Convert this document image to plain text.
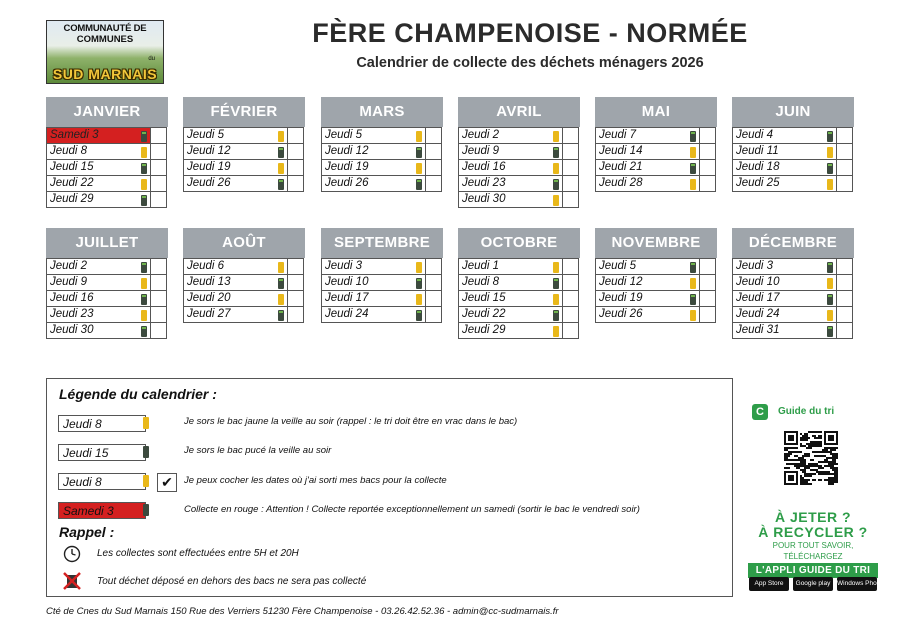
COMMUNAUTÉ DE
COMMUNES
du
SUD MARNAIS
FÈRE CHAMPENOISE - NORMÉE
Calendrier de collecte des déchets ménagers 2026
JANVIER
Samedi 3	

Jeudi 8	

Jeudi 15	

Jeudi 22	

Jeudi 29	
FÉVRIER
Jeudi 5	

Jeudi 12	

Jeudi 19	

Jeudi 26	
MARS
Jeudi 5	

Jeudi 12	

Jeudi 19	

Jeudi 26	
AVRIL
Jeudi 2	

Jeudi 9	

Jeudi 16	

Jeudi 23	

Jeudi 30	
MAI
Jeudi 7	

Jeudi 14	

Jeudi 21	

Jeudi 28	
JUIN
Jeudi 4	

Jeudi 11	

Jeudi 18	

Jeudi 25	
JUILLET
Jeudi 2	

Jeudi 9	

Jeudi 16	

Jeudi 23	

Jeudi 30	
AOÛT
Jeudi 6	

Jeudi 13	

Jeudi 20	

Jeudi 27	
SEPTEMBRE
Jeudi 3	

Jeudi 10	

Jeudi 17	

Jeudi 24	
OCTOBRE
Jeudi 1	

Jeudi 8	

Jeudi 15	

Jeudi 22	

Jeudi 29	
NOVEMBRE
Jeudi 5	

Jeudi 12	

Jeudi 19	

Jeudi 26	
DÉCEMBRE
Jeudi 3	

Jeudi 10	

Jeudi 17	

Jeudi 24	

Jeudi 31	
Légende du calendrier :
Jeudi 8	Je sors le bac jaune la veille au soir (rappel : le tri doit être en vrac dans le bac)
Jeudi 15	Je sors le bac pucé la veille au soir
Jeudi 8	✔	Je peux cocher les dates où j'ai sorti mes bacs pour la collecte
Samedi 3	Collecte en rouge : Attention ! Collecte reportée exceptionnellement un samedi (sortir le bac le vendredi soir)
Rappel :
Les collectes sont effectuées entre 5H et 20H
Tout déchet déposé en dehors des bacs ne sera pas collecté
Cté de Cnes du Sud Marnais 150 Rue des Verriers 51230 Fère Champenoise - 03.26.42.52.36 - admin@cc-sudmarnais.fr
C	Guide du tri
À JETER ?
À RECYCLER ?
POUR TOUT SAVOIR, TÉLÉCHARGEZ
L'APPLI GUIDE DU TRI
App Store	Google play	Windows Phone
